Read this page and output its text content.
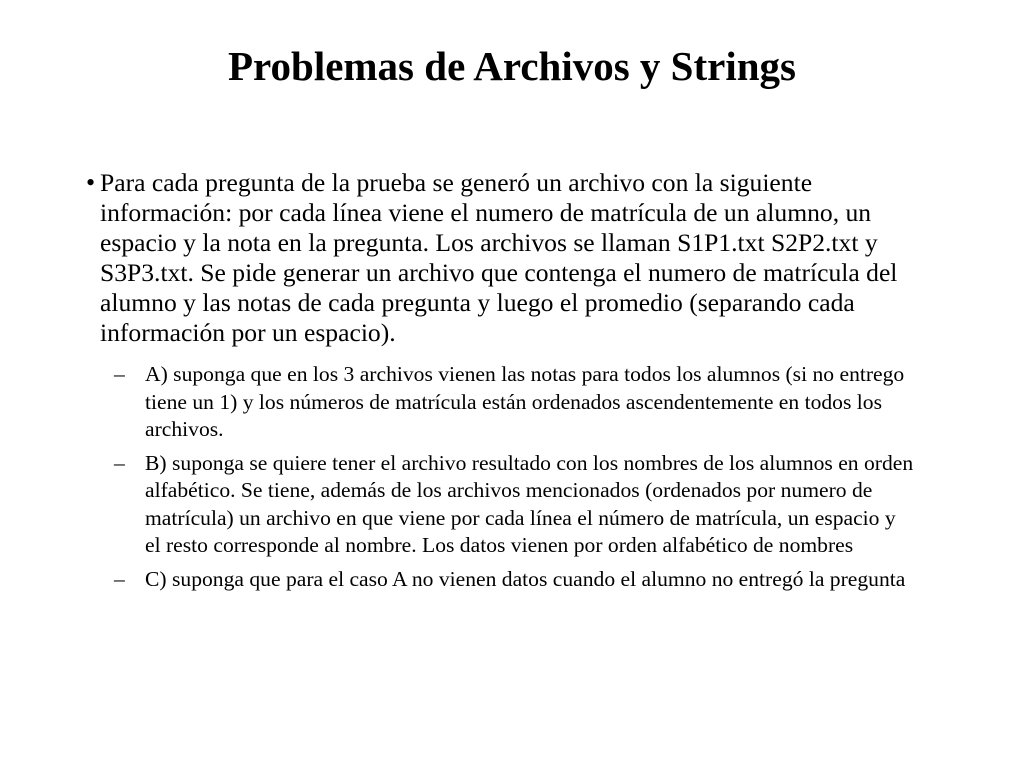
Problemas de Archivos y Strings
• Para cada pregunta de la prueba se generó un archivo con la siguiente información: por cada línea viene el numero de matrícula de un alumno, un espacio y la nota en la pregunta. Los archivos se llaman S1P1.txt S2P2.txt y S3P3.txt. Se pide generar un archivo que contenga el numero de matrícula del alumno y las notas de cada pregunta y luego el promedio (separando cada información por un espacio).

– A) suponga que en los 3 archivos vienen las notas para todos los alumnos (si no entrego tiene un 1) y los números de matrícula están ordenados ascendentemente en todos los archivos.
– B) suponga se quiere tener el archivo resultado con los nombres de los alumnos en orden alfabético. Se tiene, además de los archivos mencionados (ordenados por numero de matrícula) un archivo en que viene por cada línea el número de matrícula, un espacio y el resto corresponde al nombre. Los datos vienen por orden alfabético de nombres
– C) suponga que para el caso A no vienen datos cuando el alumno no entregó la pregunta
